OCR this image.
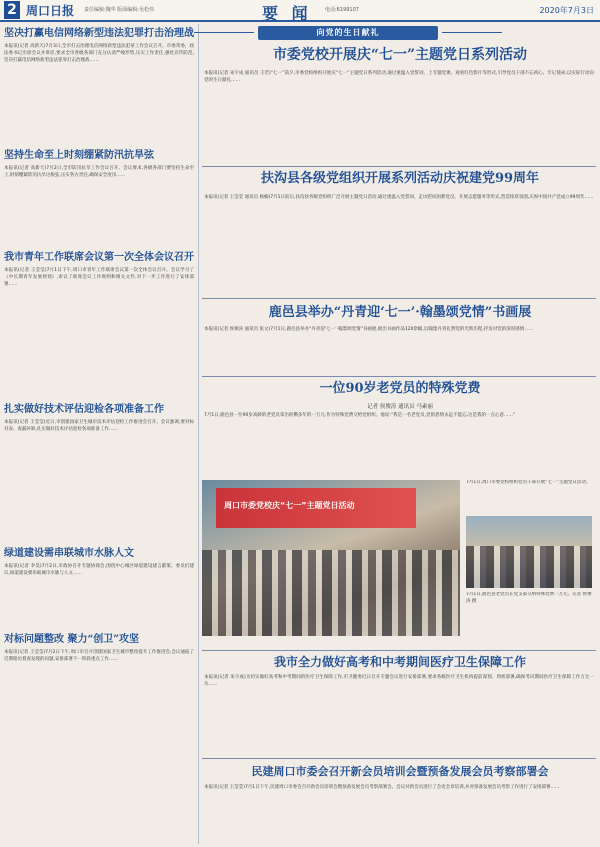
2 周口日报 责任编辑:魏华 版面编辑:吴松伟	要 闻	电话:6199107	2020年7月3日
坚决打赢电信网络新型违法犯罪打击治理战
本报讯(记者 高新天)7月3日,全市打击治理电信网络新型违法犯罪工作会议召开。市委常委、政法委书记出席会议并讲话,要求全市各级各部门充分认清严峻形势,压实工作责任,强化宣传防范,坚决打赢电信网络新型违法犯罪打击治理战……
坚持生命至上时刻绷紧防汛抗旱弦
本报讯(记者 高新天)7月2日,全市防汛抗旱工作会议召开。会议要求,各级各部门要坚持生命至上,时刻绷紧防汛抗旱这根弦,压实各方责任,确保安全度汛……
我市青年工作联席会议第一次全体会议召开
本报讯(记者 王莹莹)7月1日下午,周口市青年工作联席会议第一次全体会议召开。会议学习了《中长期青年发展规划》,审议了联席会议工作规则和相关文件,对下一步工作进行了安排部署……
扎实做好技术评估迎检各项准备工作
本报讯(记者 王莹莹)近日,市创建国家卫生城市技术评估迎检工作推进会召开。会议强调,要对标对表、查漏补缺,扎实做好技术评估迎检各项准备工作……
绿道建设需串联城市水脉人文
本报讯(记者 李昊)7月2日,市政协召开专题协商会,围绕中心城区绿道建设建言献策。委员们建议,绿道建设要串联城市水脉与人文……
对标问题整改 聚力“创卫”攻坚
本报讯(记者 王莹莹)7月2日下午,周口市召开创建国家卫生城市整改提升工作推进会,会议通报了近期暗访督查发现的问题,安排部署下一阶段重点工作……
向党的生日献礼
市委党校开展庆“七一”主题党日系列活动
本报讯(记者 朱宇成 通讯员 王若)“七一”前夕,市委党校组织开展庆“七一”主题党日系列活动,通过重温入党誓词、上专题党课、观看红色影片等形式,引导党员干部不忘初心、牢记使命,以实际行动向党的生日献礼……
扶沟县各级党组织开展系列活动庆祝建党99周年
本报讯(记者 王莹莹 通讯员 杨楠)7月1日前后,扶沟县各级党组织广泛开展主题党日活动,通过重温入党誓词、走访慰问困难党员、开展志愿服务等形式,营造浓厚氛围,庆祝中国共产党成立99周年……
鹿邑县举办“丹青迎‘七一’·翰墨颂党情”书画展
本报讯(记者 侯俊涛 通讯员 张文)7月1日,鹿邑县举办“丹青迎‘七一’·翰墨颂党情”书画展,展出书画作品120余幅,以翰墨丹青礼赞党的光辉历程,抒发对党的深厚感情……
一位90岁老党员的特殊党费
记者 侯俊涛 通讯员 马素丽
7月1日,鹿邑县一位90岁高龄的老党员拿出积攒多年的一万元,作为特殊党费交给党组织。他说:“我是一名老党员,党的恩情永远不能忘,这是我的一点心意……”
周口市委党校庆“七一”主题党日活动
7月1日,周口市委党校组织党员干部开展“七一”主题党日活动。
7月1日,鹿邑县老党员在党支部交纳特殊党费一万元。记者 侯俊涛 摄
我市全力做好高考和中考期间医疗卫生保障工作
本报讯(记者 朱宇成)为切实做好高考和中考期间的医疗卫生保障工作,市卫健委近日召开专题会议进行安排部署,要求各级医疗卫生机构提前谋划、周密部署,确保考试期间医疗卫生保障工作万无一失……
民建周口市委会召开新会员培训会暨预备发展会员考察部署会
本报讯(记者 王莹莹)7月1日下午,民建周口市委会召开新会员培训会暨预备发展会员考察部署会。会议对新会员进行了会史会章培训,并对预备发展会员考察工作进行了安排部署……
